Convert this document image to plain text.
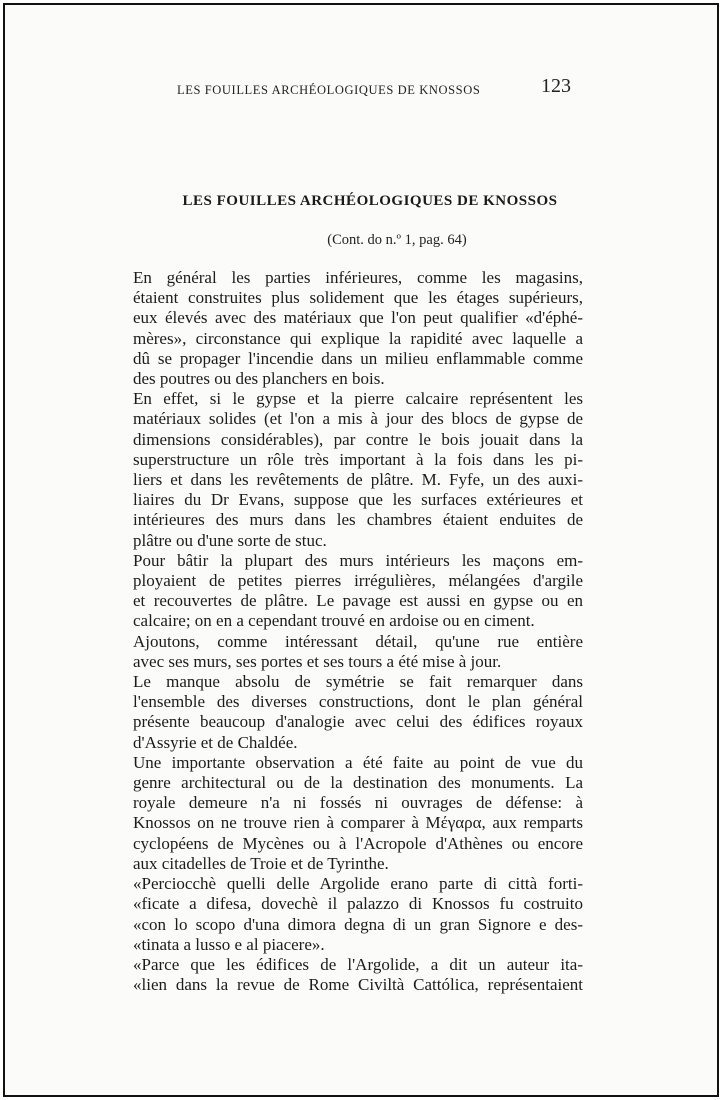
LES FOUILLES ARCHÉOLOGIQUES DE KNOSSOS	123
LES FOUILLES ARCHÉOLOGIQUES DE KNOSSOS
(Cont. do n.º 1, pag. 64)

En général les parties inférieures, comme les magasins,
étaient construites plus solidement que les étages supérieurs,
eux élevés avec des matériaux que l'on peut qualifier «d'éphé-
mères», circonstance qui explique la rapidité avec laquelle a
dû se propager l'incendie dans un milieu enflammable comme
des poutres ou des planchers en bois.

En effet, si le gypse et la pierre calcaire représentent les
matériaux solides (et l'on a mis à jour des blocs de gypse de
dimensions considérables), par contre le bois jouait dans la
superstructure un rôle très important à la fois dans les pi-
liers et dans les revêtements de plâtre. M. Fyfe, un des auxi-
liaires du Dr Evans, suppose que les surfaces extérieures et
intérieures des murs dans les chambres étaient enduites de
plâtre ou d'une sorte de stuc.

Pour bâtir la plupart des murs intérieurs les maçons em-
ployaient de petites pierres irrégulières, mélangées d'argile
et recouvertes de plâtre. Le pavage est aussi en gypse ou en
calcaire; on en a cependant trouvé en ardoise ou en ciment.

Ajoutons, comme intéressant détail, qu'une rue entière
avec ses murs, ses portes et ses tours a été mise à jour.

Le manque absolu de symétrie se fait remarquer dans
l'ensemble des diverses constructions, dont le plan général
présente beaucoup d'analogie avec celui des édifices royaux
d'Assyrie et de Chaldée.

Une importante observation a été faite au point de vue du
genre architectural ou de la destination des monuments. La
royale demeure n'a ni fossés ni ouvrages de défense: à
Knossos on ne trouve rien à comparer à Μέγαρα, aux remparts
cyclopéens de Mycènes ou à l'Acropole d'Athènes ou encore
aux citadelles de Troie et de Tyrinthe.

«Perciocchè quelli delle Argolide erano parte di città forti-
«ficate a difesa, dovechè il palazzo di Knossos fu costruito
«con lo scopo d'una dimora degna di un gran Signore e des-
«tinata a lusso e al piacere».

«Parce que les édifices de l'Argolide, a dit un auteur ita-
«lien dans la revue de Rome Civiltà Cattólica, représentaient
